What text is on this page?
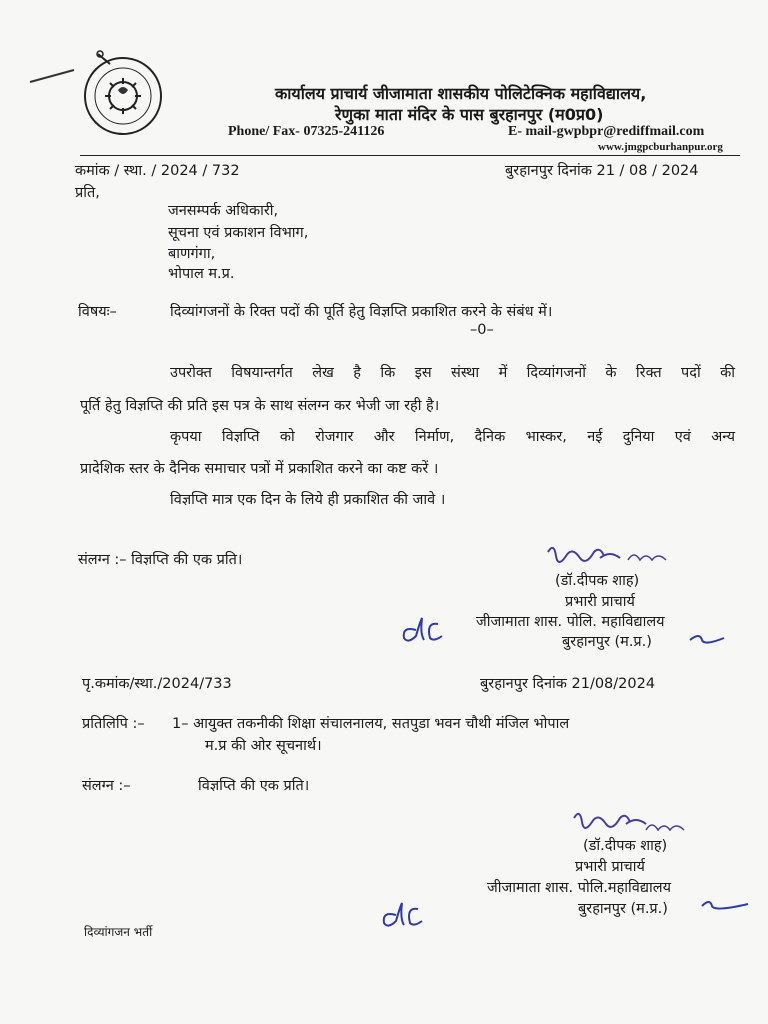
कार्यालय प्राचार्य जीजामाता शासकीय पोलिटेक्निक महाविद्यालय,
रेणुका माता मंदिर के पास बुरहानपुर (म0प्र0)
Phone/ Fax- 07325-241126	E- mail-gwpbpr@rediffmail.com
www.jmgpcburhanpur.org
कमांक / स्था. / 2024 / 732	बुरहानपुर दिनांक 21 / 08 / 2024
प्रति,
जनसम्पर्क अधिकारी,
सूचना एवं प्रकाशन विभाग,
बाणगंगा,
भोपाल म.प्र.
विषयः–	दिव्यांगजनों के रिक्त पदों की पूर्ति हेतु विज्ञप्ति प्रकाशित करने के संबंध में।
–0–
उपरोक्त विषयान्तर्गत लेख है कि इस संस्था में दिव्यांगजनों के रिक्त पदों की
पूर्ति हेतु विज्ञप्ति की प्रति इस पत्र के साथ संलग्न कर भेजी जा रही है।
कृपया विज्ञप्ति को रोजगार और निर्माण, दैनिक भास्कर, नई दुनिया एवं अन्य
प्रादेशिक स्तर के दैनिक समाचार पत्रों में प्रकाशित करने का कष्ट करें ।
विज्ञप्ति मात्र एक दिन के लिये ही प्रकाशित की जावे ।
संलग्न :– विज्ञप्ति की एक प्रति।
(डॉ.दीपक शाह)
प्रभारी प्राचार्य
जीजामाता शास. पोलि. महाविद्यालय
बुरहानपुर (म.प्र.)
पृ.कमांक/स्था./2024/733	बुरहानपुर दिनांक 21/08/2024
प्रतिलिपि :– 1– आयुक्त तकनीकी शिक्षा संचालनालय, सतपुडा भवन चौथी मंजिल भोपाल
म.प्र की ओर सूचनार्थ।
संलग्न :–	विज्ञप्ति की एक प्रति।
(डॉ.दीपक शाह)
प्रभारी प्राचार्य
जीजामाता शास. पोलि.महाविद्यालय
बुरहानपुर (म.प्र.)
दिव्यांगजन भर्ती
